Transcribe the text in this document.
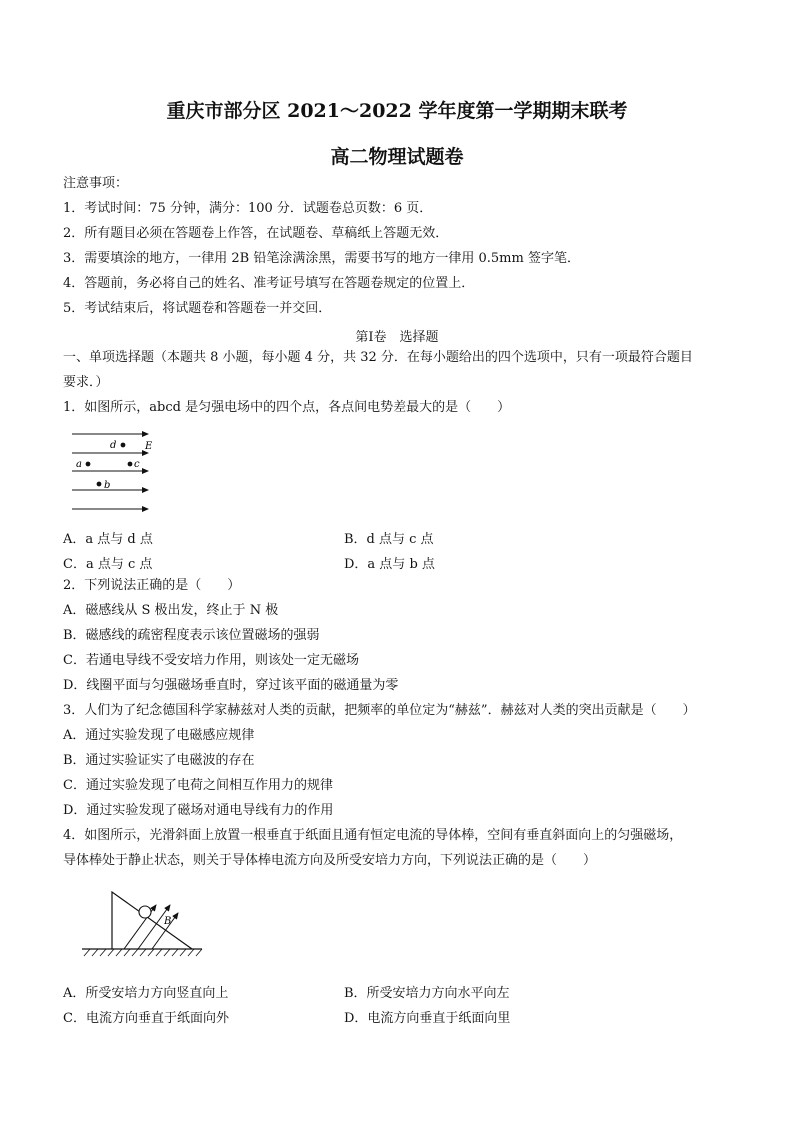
重庆市部分区 2021～2022 学年度第一学期期末联考
高二物理试题卷
注意事项：
1．考试时间：75 分钟，满分：100 分．试题卷总页数：6 页．
2．所有题目必须在答题卷上作答，在试题卷、草稿纸上答题无效．
3．需要填涂的地方，一律用 2B 铅笔涂满涂黑，需要书写的地方一律用 0.5mm 签字笔．
4．答题前，务必将自己的姓名、准考证号填写在答题卷规定的位置上．
5．考试结束后，将试题卷和答题卷一并交回．
第Ⅰ卷　选择题
一、单项选择题（本题共 8 小题，每小题 4 分，共 32 分．在每小题给出的四个选项中，只有一项最符合题目
要求．）
1．如图所示，abcd 是匀强电场中的四个点，各点间电势差最大的是（　　）
d	E
a	c
b
A．a 点与 d 点	B．d 点与 c 点
C．a 点与 c 点	D．a 点与 b 点
2．下列说法正确的是（　　）
A．磁感线从 S 极出发，终止于 N 极
B．磁感线的疏密程度表示该位置磁场的强弱
C．若通电导线不受安培力作用，则该处一定无磁场
D．线圈平面与匀强磁场垂直时，穿过该平面的磁通量为零
3．人们为了纪念德国科学家赫兹对人类的贡献，把频率的单位定为“赫兹”．赫兹对人类的突出贡献是（　　）
A．通过实验发现了电磁感应规律
B．通过实验证实了电磁波的存在
C．通过实验发现了电荷之间相互作用力的规律
D．通过实验发现了磁场对通电导线有力的作用
4．如图所示，光滑斜面上放置一根垂直于纸面且通有恒定电流的导体棒，空间有垂直斜面向上的匀强磁场，
导体棒处于静止状态，则关于导体棒电流方向及所受安培力方向，下列说法正确的是（　　）
B
A．所受安培力方向竖直向上	B．所受安培力方向水平向左
C．电流方向垂直于纸面向外	D．电流方向垂直于纸面向里
